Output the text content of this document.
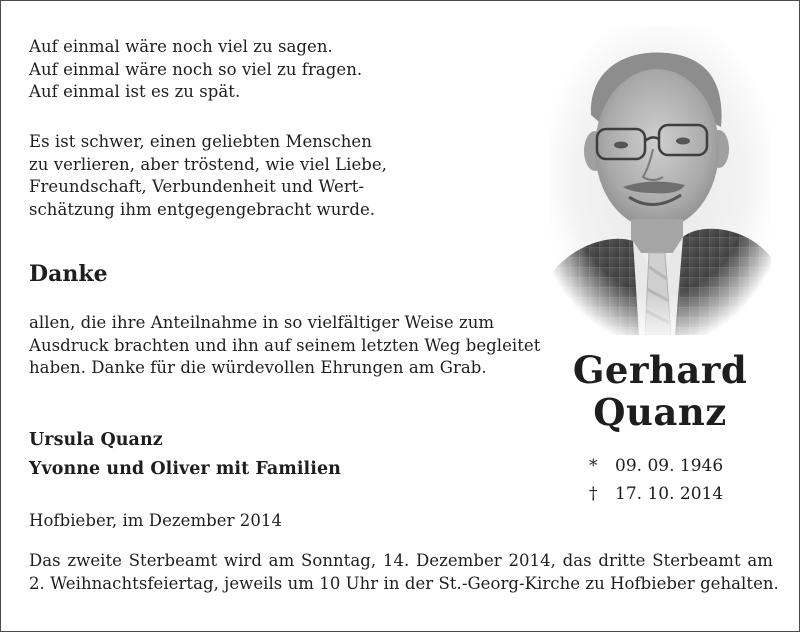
Auf einmal wäre noch viel zu sagen.
Auf einmal wäre noch so viel zu fragen.
Auf einmal ist es zu spät.
Es ist schwer, einen geliebten Menschen
zu verlieren, aber tröstend, wie viel Liebe,
Freundschaft, Verbundenheit und Wert-
schätzung ihm entgegengebracht wurde.
Danke
allen, die ihre Anteilnahme in so vielfältiger Weise zum
Ausdruck brachten und ihn auf seinem letzten Weg begleitet
haben. Danke für die würdevollen Ehrungen am Grab.
Ursula Quanz
Yvonne und Oliver mit Familien
Hofbieber, im Dezember 2014
Gerhard
Quanz
* 09. 09. 1946
† 17. 10. 2014
Das zweite Sterbeamt wird am Sonntag, 14. Dezember 2014, das dritte Sterbeamt am
2. Weihnachtsfeiertag, jeweils um 10 Uhr in der St.-Georg-Kirche zu Hofbieber gehalten.
